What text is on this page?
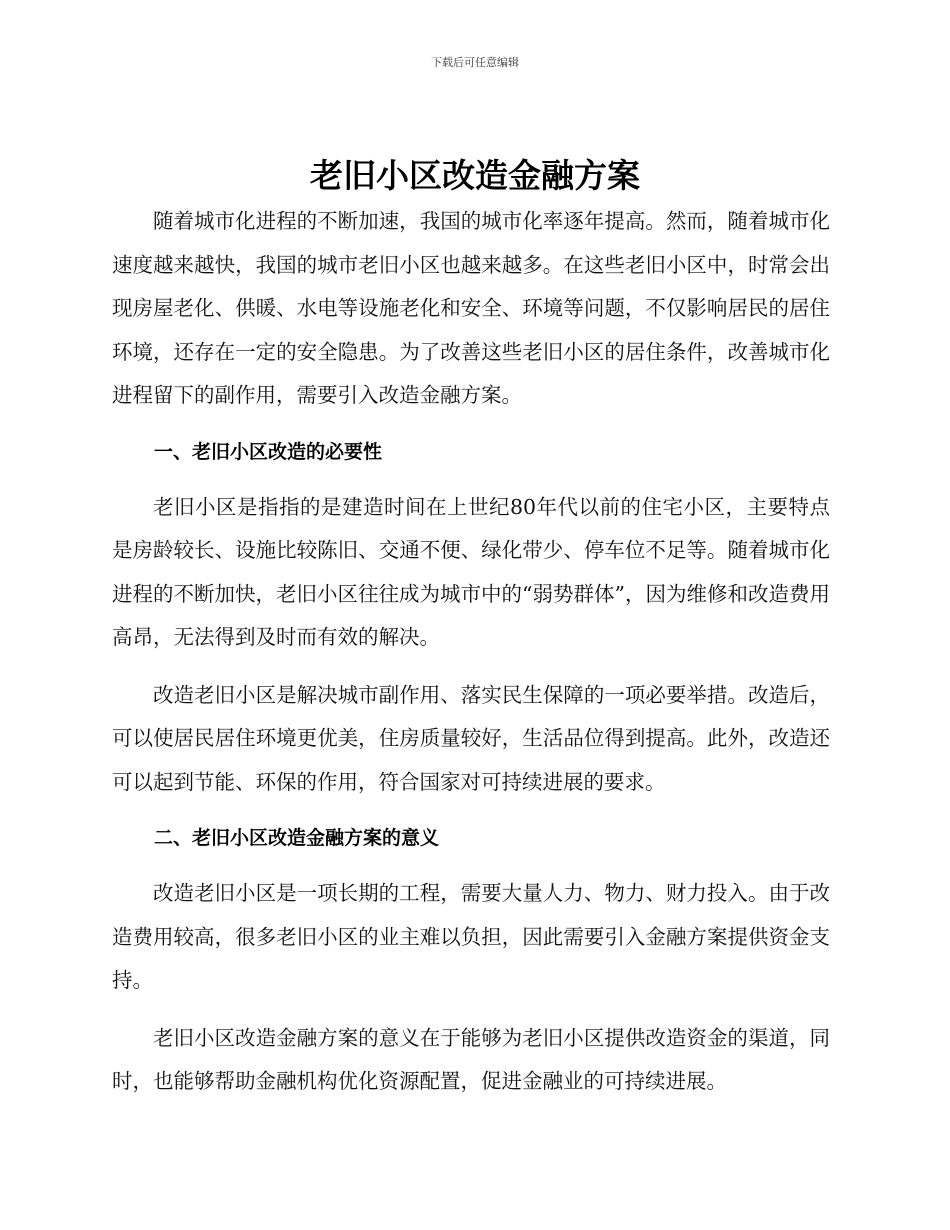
下载后可任意编辑
老旧小区改造金融方案

随着城市化进程的不断加速，我国的城市化率逐年提高。然而，随着城市化速度越来越快，我国的城市老旧小区也越来越多。在这些老旧小区中，时常会出现房屋老化、供暖、水电等设施老化和安全、环境等问题，不仅影响居民的居住环境，还存在一定的安全隐患。为了改善这些老旧小区的居住条件，改善城市化进程留下的副作用，需要引入改造金融方案。

一、老旧小区改造的必要性

老旧小区是指指的是建造时间在上世纪80年代以前的住宅小区，主要特点是房龄较长、设施比较陈旧、交通不便、绿化带少、停车位不足等。随着城市化进程的不断加快，老旧小区往往成为城市中的“弱势群体”，因为维修和改造费用高昂，无法得到及时而有效的解决。

改造老旧小区是解决城市副作用、落实民生保障的一项必要举措。改造后，可以使居民居住环境更优美，住房质量较好，生活品位得到提高。此外，改造还可以起到节能、环保的作用，符合国家对可持续进展的要求。

二、老旧小区改造金融方案的意义

改造老旧小区是一项长期的工程，需要大量人力、物力、财力投入。由于改造费用较高，很多老旧小区的业主难以负担，因此需要引入金融方案提供资金支持。

老旧小区改造金融方案的意义在于能够为老旧小区提供改造资金的渠道，同时，也能够帮助金融机构优化资源配置，促进金融业的可持续进展。
